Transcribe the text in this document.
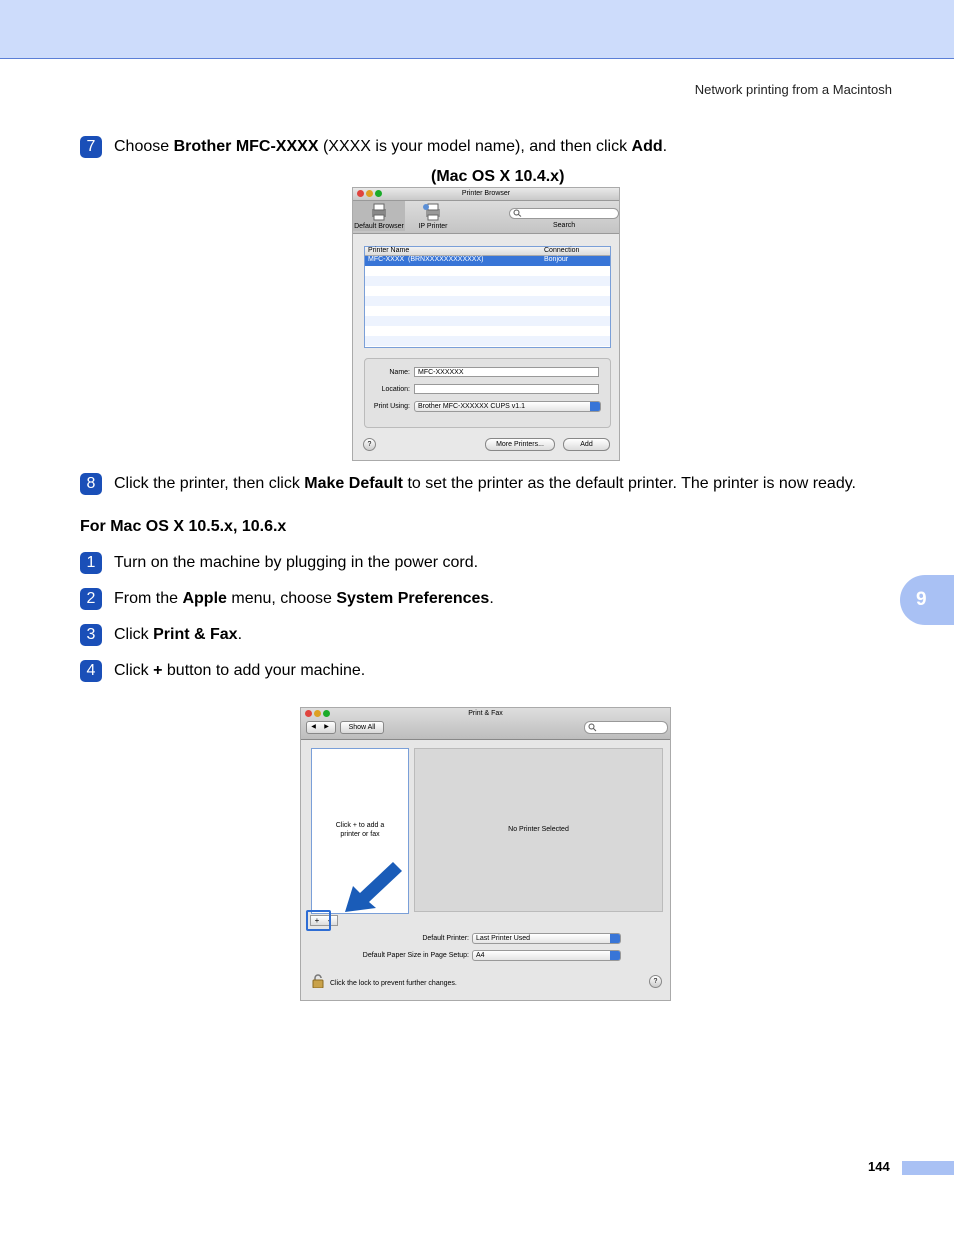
Network printing from a Macintosh
7	Choose Brother MFC-XXXX (XXXX is your model name), and then click Add.
(Mac OS X 10.4.x)
Printer Browser
Default Browser	IP Printer	Search
Printer Name	Connection
MFC-XXXX (BRNXXXXXXXXXXXX)	Bonjour
Name:	MFC-XXXXXX
Location:
Print Using:	Brother MFC-XXXXXX CUPS v1.1
?	More Printers...	Add
8	Click the printer, then click Make Default to set the printer as the default printer. The printer is now ready.
For Mac OS X 10.5.x, 10.6.x
1	Turn on the machine by plugging in the power cord.
2	From the Apple menu, choose System Preferences.
3	Click Print & Fax.
4	Click + button to add your machine.
9
Print & Fax
◀ ▶	Show All
Click + to add a
printer or fax
No Printer Selected
+ -
Default Printer:	Last Printer Used
Default Paper Size in Page Setup:	A4
Click the lock to prevent further changes.	?
144
